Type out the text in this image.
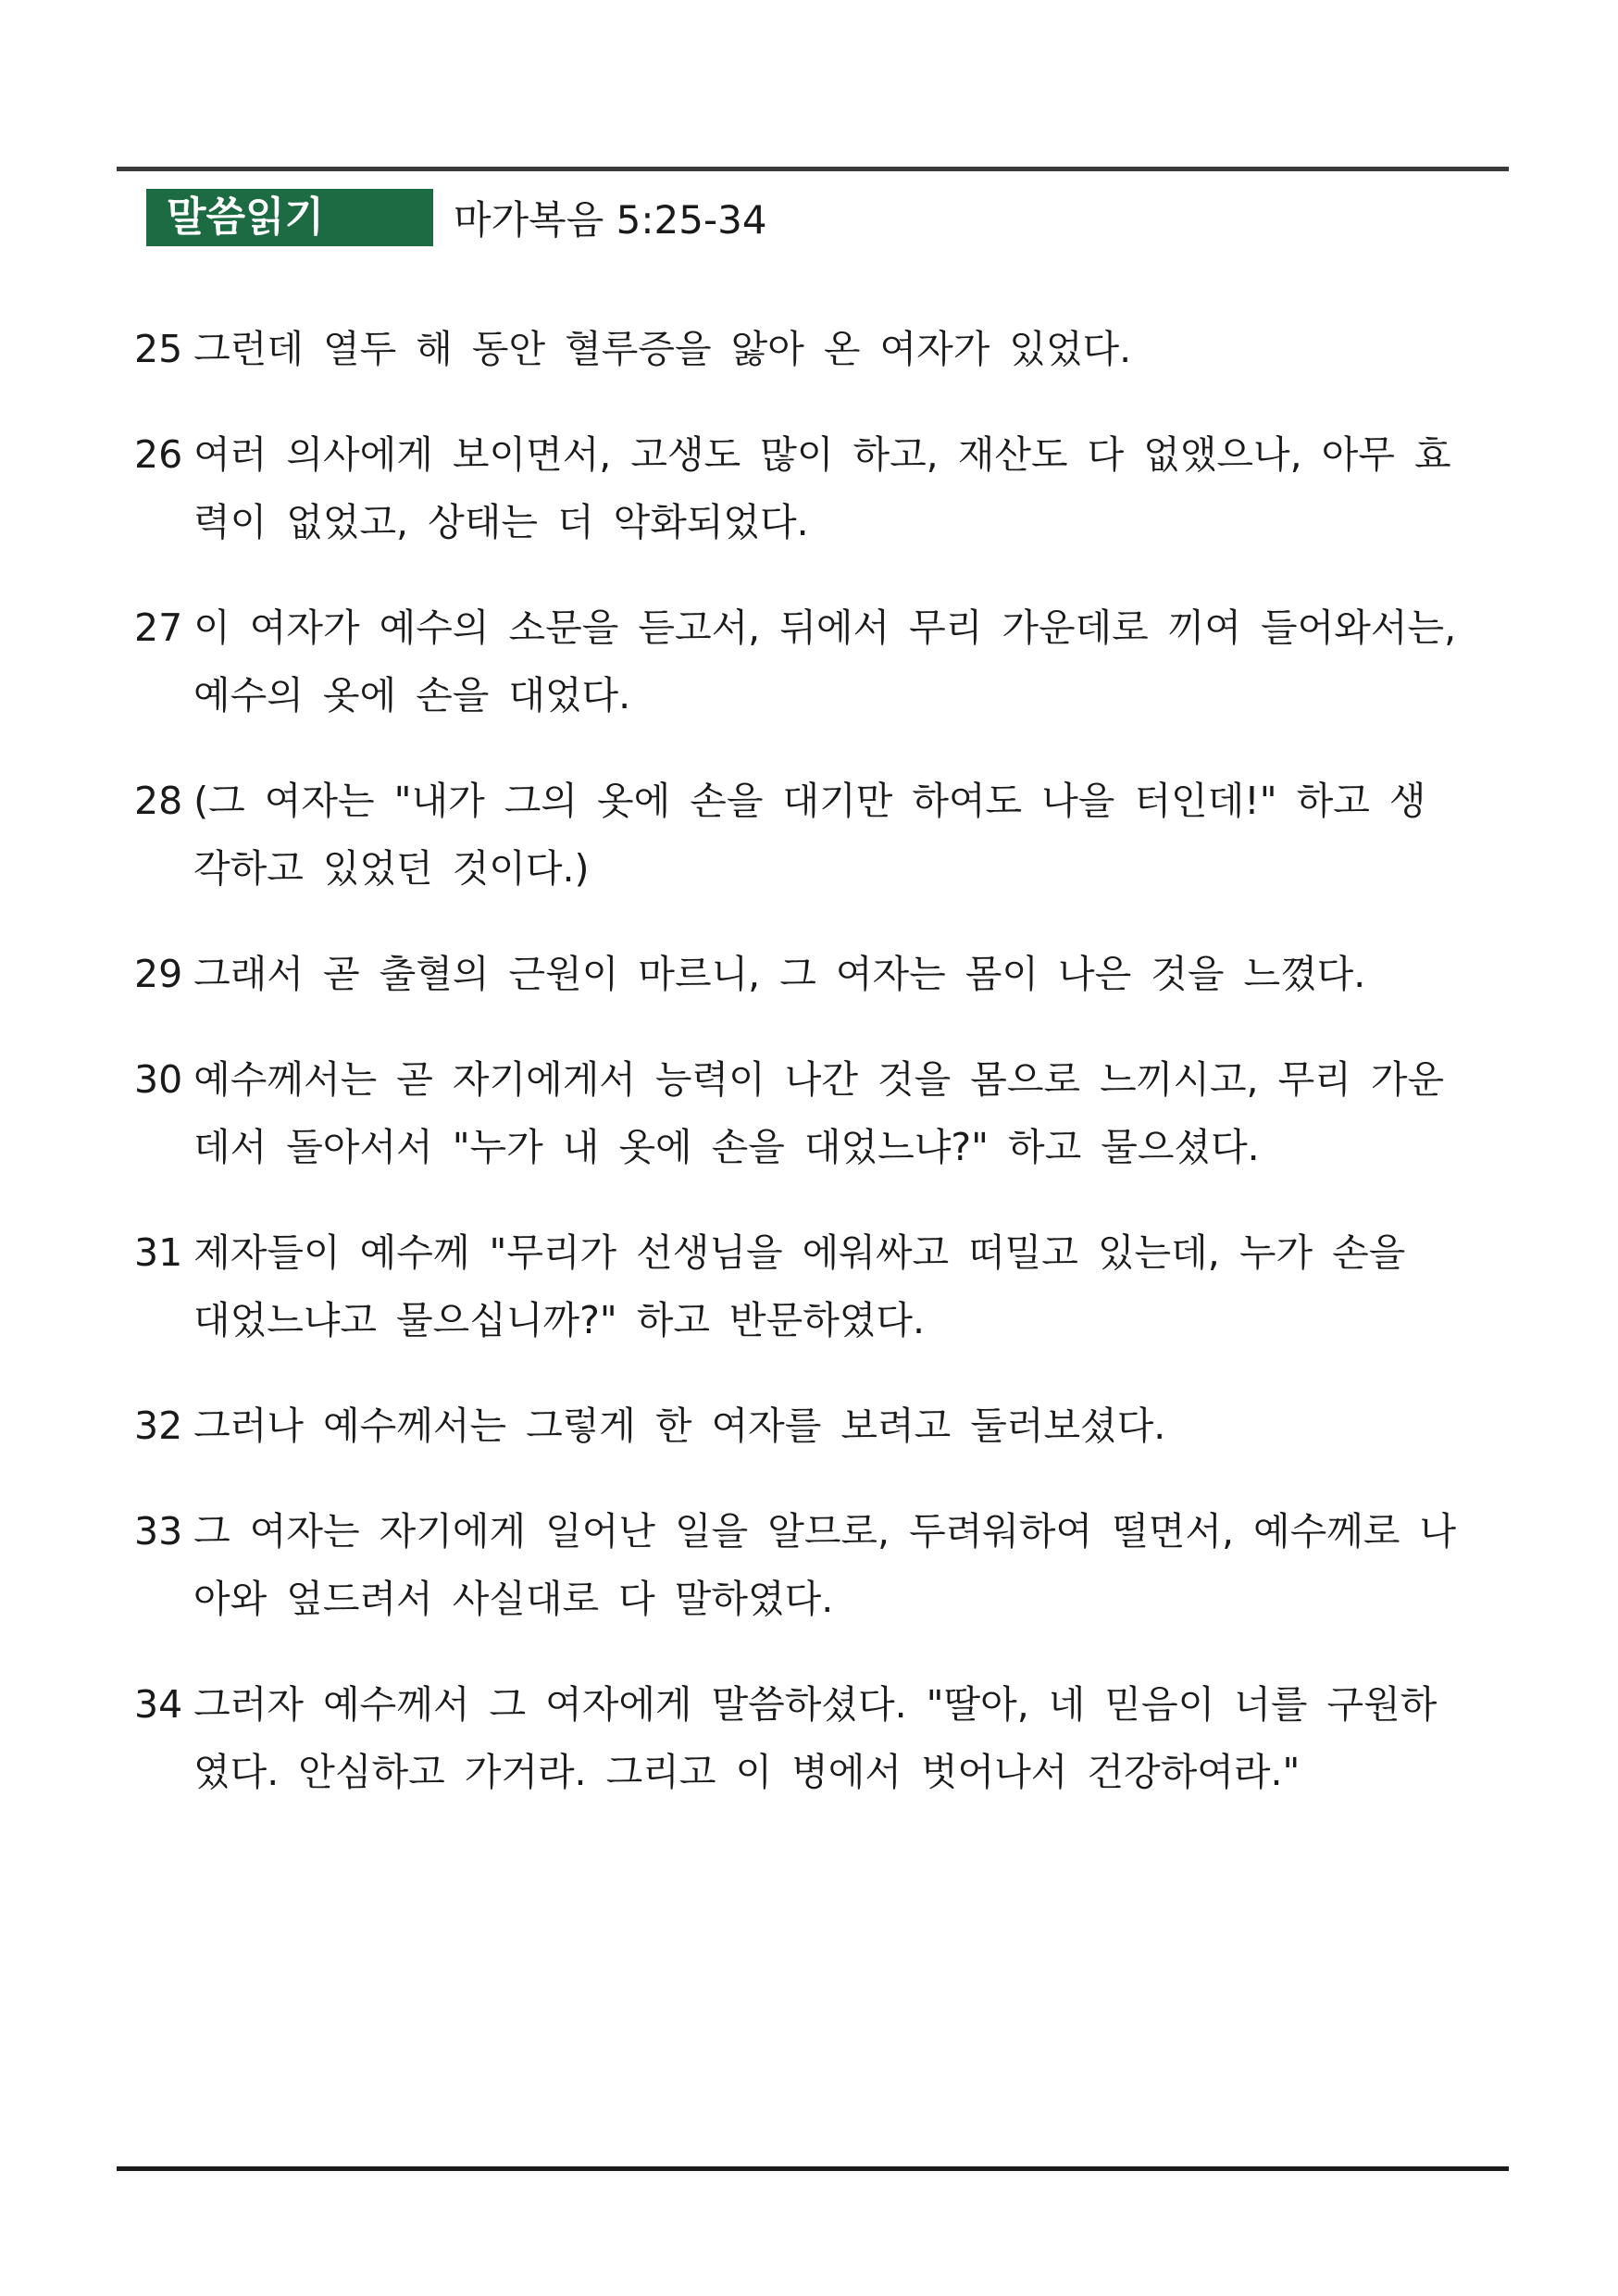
말씀읽기	마가복음 5:25-34

25 그런데 열두 해 동안 혈루증을 앓아 온 여자가 있었다.

26 여러 의사에게 보이면서, 고생도 많이 하고, 재산도 다 없앴으나, 아무 효력이 없었고, 상태는 더 악화되었다.

27 이 여자가 예수의 소문을 듣고서, 뒤에서 무리 가운데로 끼여 들어와서는, 예수의 옷에 손을 대었다.

28 (그 여자는 "내가 그의 옷에 손을 대기만 하여도 나을 터인데!" 하고 생각하고 있었던 것이다.)

29 그래서 곧 출혈의 근원이 마르니, 그 여자는 몸이 나은 것을 느꼈다.

30 예수께서는 곧 자기에게서 능력이 나간 것을 몸으로 느끼시고, 무리 가운데서 돌아서서 "누가 내 옷에 손을 대었느냐?" 하고 물으셨다.

31 제자들이 예수께 "무리가 선생님을 에워싸고 떠밀고 있는데, 누가 손을 대었느냐고 물으십니까?" 하고 반문하였다.

32 그러나 예수께서는 그렇게 한 여자를 보려고 둘러보셨다.

33 그 여자는 자기에게 일어난 일을 알므로, 두려워하여 떨면서, 예수께로 나아와 엎드려서 사실대로 다 말하였다.

34 그러자 예수께서 그 여자에게 말씀하셨다. "딸아, 네 믿음이 너를 구원하였다. 안심하고 가거라. 그리고 이 병에서 벗어나서 건강하여라."
